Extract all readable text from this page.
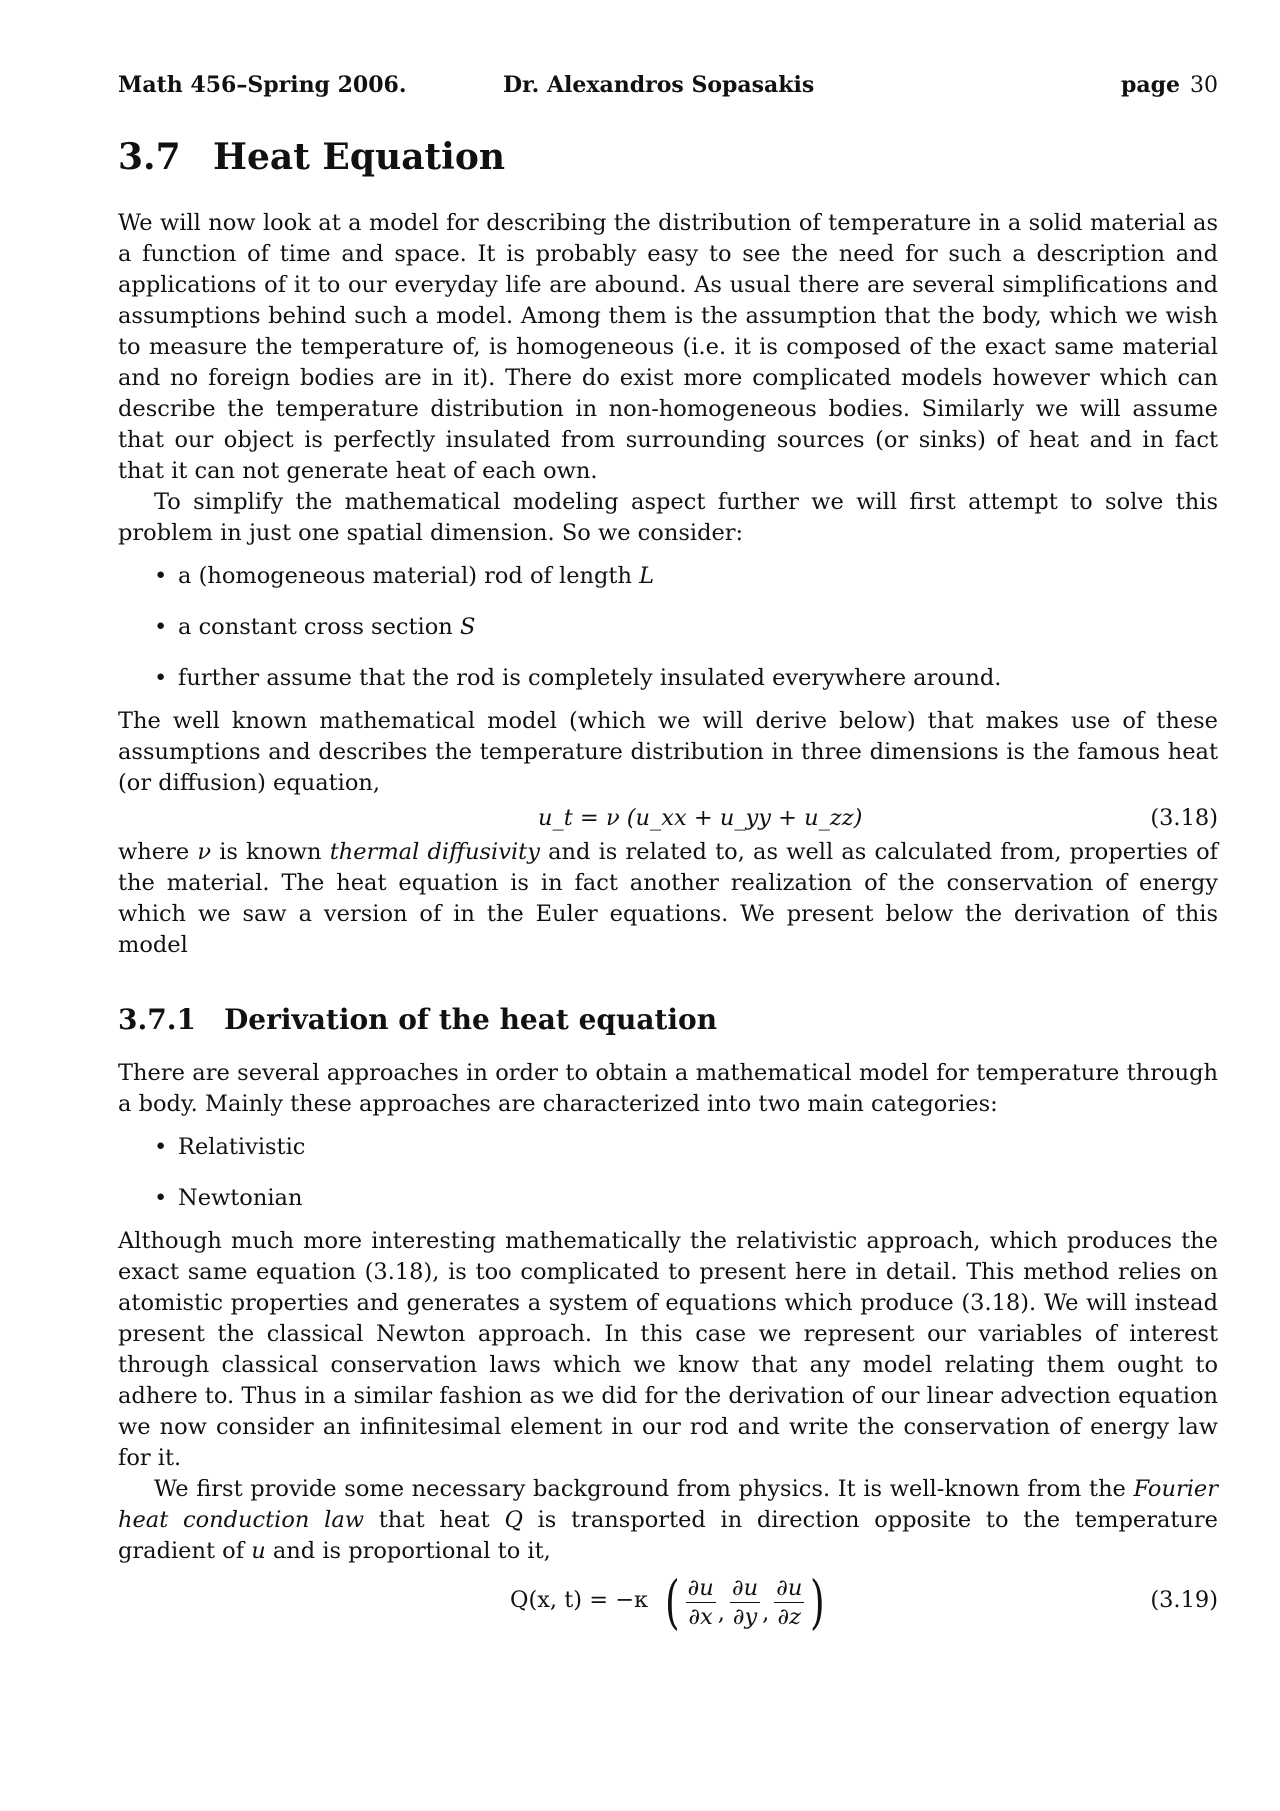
Math 456–Spring 2006.	Dr. Alexandros Sopasakis	page 30
3.7 Heat Equation

We will now look at a model for describing the distribution of temperature in a solid material as a function of time and space. It is probably easy to see the need for such a description and applications of it to our everyday life are abound. As usual there are several simplifications and assumptions behind such a model. Among them is the assumption that the body, which we wish to measure the temperature of, is homogeneous (i.e. it is composed of the exact same material and no foreign bodies are in it). There do exist more complicated models however which can describe the temperature distribution in non-homogeneous bodies. Similarly we will assume that our object is perfectly insulated from surrounding sources (or sinks) of heat and in fact that it can not generate heat of each own.

To simplify the mathematical modeling aspect further we will first attempt to solve this problem in just one spatial dimension. So we consider:

• a (homogeneous material) rod of length L
• a constant cross section S
• further assume that the rod is completely insulated everywhere around.

The well known mathematical model (which we will derive below) that makes use of these assumptions and describes the temperature distribution in three dimensions is the famous heat (or diffusion) equation,

u_t = ν (u_xx + u_yy + u_zz)	(3.18)

where ν is known thermal diffusivity and is related to, as well as calculated from, properties of the material. The heat equation is in fact another realization of the conservation of energy which we saw a version of in the Euler equations. We present below the derivation of this model

3.7.1 Derivation of the heat equation

There are several approaches in order to obtain a mathematical model for temperature through a body. Mainly these approaches are characterized into two main categories:

• Relativistic
• Newtonian

Although much more interesting mathematically the relativistic approach, which produces the exact same equation (3.18), is too complicated to present here in detail. This method relies on atomistic properties and generates a system of equations which produce (3.18). We will instead present the classical Newton approach. In this case we represent our variables of interest through classical conservation laws which we know that any model relating them ought to adhere to. Thus in a similar fashion as we did for the derivation of our linear advection equation we now consider an infinitesimal element in our rod and write the conservation of energy law for it.

We first provide some necessary background from physics. It is well-known from the Fourier heat conduction law that heat Q is transported in direction opposite to the temperature gradient of u and is proportional to it,

Q(x, t) = −κ ( $\frac{\partial u}{\partial x}$ , $\frac{\partial u}{\partial y}$ , $\frac{\partial u}{\partial z}$ )	(3.19)
